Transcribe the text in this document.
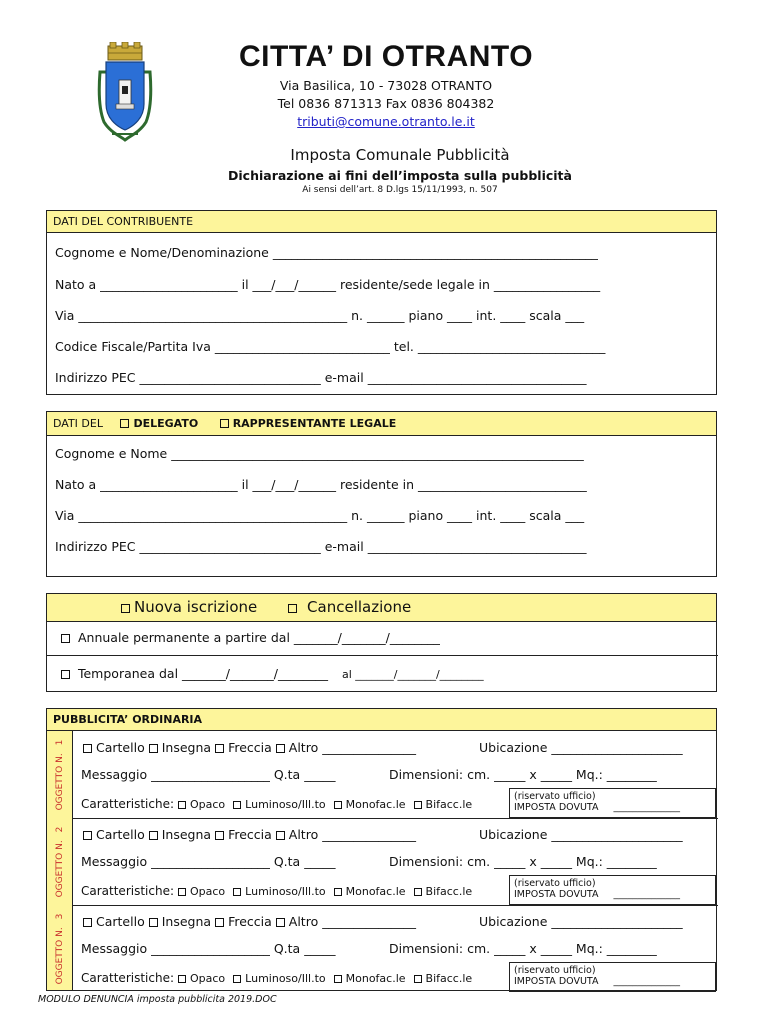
CITTA’ DI OTRANTO
Via Basilica, 10 - 73028 OTRANTO
Tel 0836 871313 Fax 0836 804382
tributi@comune.otranto.le.it
Imposta Comunale Pubblicità
Dichiarazione ai fini dell’imposta sulla pubblicità
Ai sensi dell’art. 8 D.lgs 15/11/1993, n. 507
DATI DEL CONTRIBUENTE
Cognome e Nome/Denominazione ____________________________________________________
Nato a ______________________ il ___/___/______ residente/sede legale in _________________
Via ___________________________________________ n. ______ piano ____ int. ____ scala ___
Codice Fiscale/Partita Iva ____________________________ tel. ______________________________
Indirizzo PEC _____________________________ e-mail ___________________________________
DATI DEL	DELEGATO	RAPPRESENTANTE LEGALE
Cognome e Nome __________________________________________________________________
Nato a ______________________ il ___/___/______ residente in ___________________________
Via ___________________________________________ n. ______ piano ____ int. ____ scala ___
Indirizzo PEC _____________________________ e-mail ___________________________________
Nuova iscrizione	Cancellazione
Annuale permanente a partire dal _______/_______/________
Temporanea dal _______/_______/________ al _______/_______/________
PUBBLICITA’ ORDINARIA
OGGETTO N.1	Cartello Insegna Freccia Altro _______________	Ubicazione _____________________
Messaggio ___________________ Q.ta _____	Dimensioni: cm. _____ x _____ Mq.: ________
Caratteristiche: Opaco Luminoso/Ill.to Monofac.le Bifacc.le
(riservato ufficio)
IMPOSTA DOVUTA ______________
OGGETTO N.2	Cartello Insegna Freccia Altro _______________	Ubicazione _____________________
Messaggio ___________________ Q.ta _____	Dimensioni: cm. _____ x _____ Mq.: ________
Caratteristiche: Opaco Luminoso/Ill.to Monofac.le Bifacc.le
(riservato ufficio)
IMPOSTA DOVUTA ______________
OGGETTO N.3	Cartello Insegna Freccia Altro _______________	Ubicazione _____________________
Messaggio ___________________ Q.ta _____	Dimensioni: cm. _____ x _____ Mq.: ________
Caratteristiche: Opaco Luminoso/Ill.to Monofac.le Bifacc.le
(riservato ufficio)
IMPOSTA DOVUTA ______________
MODULO DENUNCIA imposta pubblicita 2019.DOC
